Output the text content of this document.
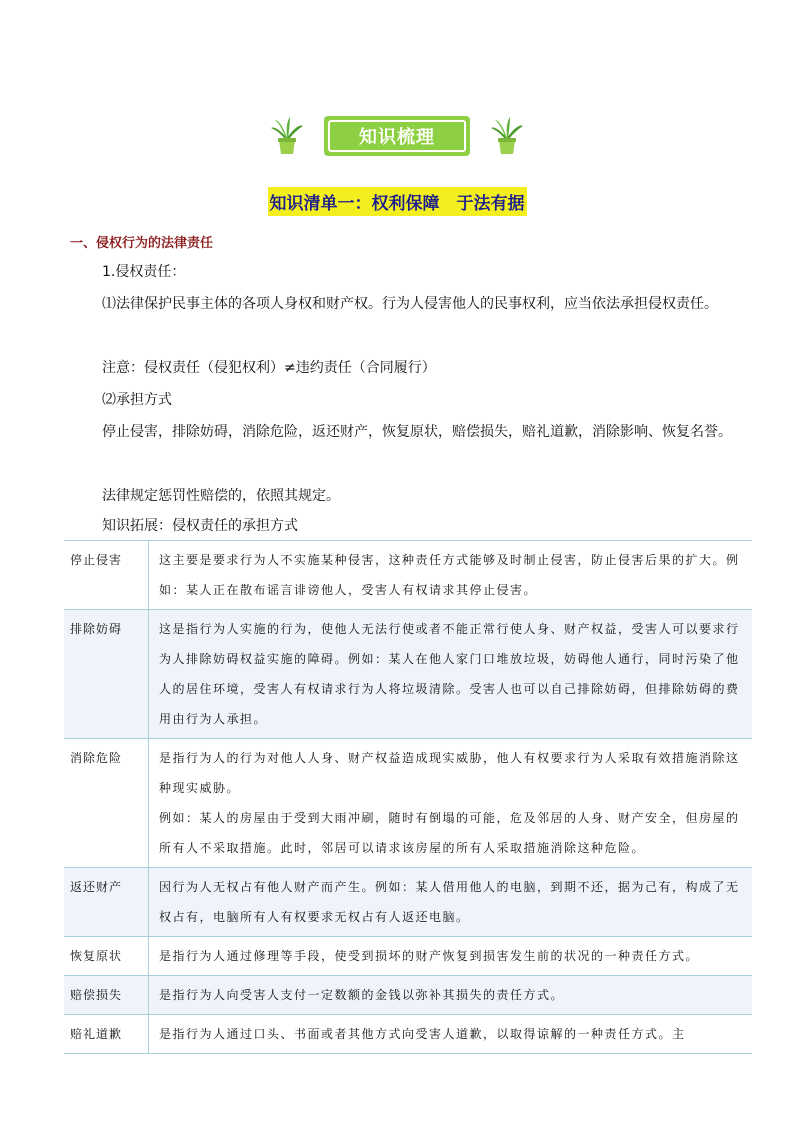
知识梳理
知识清单一：权利保障　于法有据
一、侵权行为的法律责任

1.侵权责任：

⑴法律保护民事主体的各项人身权和财产权。行为人侵害他人的民事权利，应当依法承担侵权责任。

注意：侵权责任（侵犯权利）≠违约责任（合同履行）

⑵承担方式

停止侵害，排除妨碍，消除危险，返还财产，恢复原状，赔偿损失，赔礼道歉，消除影响、恢复名誉。

法律规定惩罚性赔偿的，依照其规定。

知识拓展：侵权责任的承担方式

停止侵害	这主要是要求行为人不实施某种侵害，这种责任方式能够及时制止侵害，防止侵害后果的扩大。例如：某人正在散布谣言诽谤他人，受害人有权请求其停止侵害。

排除妨碍	这是指行为人实施的行为，使他人无法行使或者不能正常行使人身、财产权益，受害人可以要求行为人排除妨碍权益实施的障碍。例如：某人在他人家门口堆放垃圾，妨碍他人通行，同时污染了他人的居住环境，受害人有权请求行为人将垃圾清除。受害人也可以自己排除妨碍，但排除妨碍的费用由行为人承担。

消除危险	是指行为人的行为对他人人身、财产权益造成现实威胁，他人有权要求行为人采取有效措施消除这种现实威胁。
例如：某人的房屋由于受到大雨冲刷，随时有倒塌的可能，危及邻居的人身、财产安全，但房屋的所有人不采取措施。此时，邻居可以请求该房屋的所有人采取措施消除这种危险。

返还财产	因行为人无权占有他人财产而产生。例如：某人借用他人的电脑，到期不还，据为己有，构成了无权占有，电脑所有人有权要求无权占有人返还电脑。

恢复原状	是指行为人通过修理等手段，使受到损坏的财产恢复到损害发生前的状况的一种责任方式。

赔偿损失	是指行为人向受害人支付一定数额的金钱以弥补其损失的责任方式。

赔礼道歉	是指行为人通过口头、书面或者其他方式向受害人道歉，以取得谅解的一种责任方式。主
